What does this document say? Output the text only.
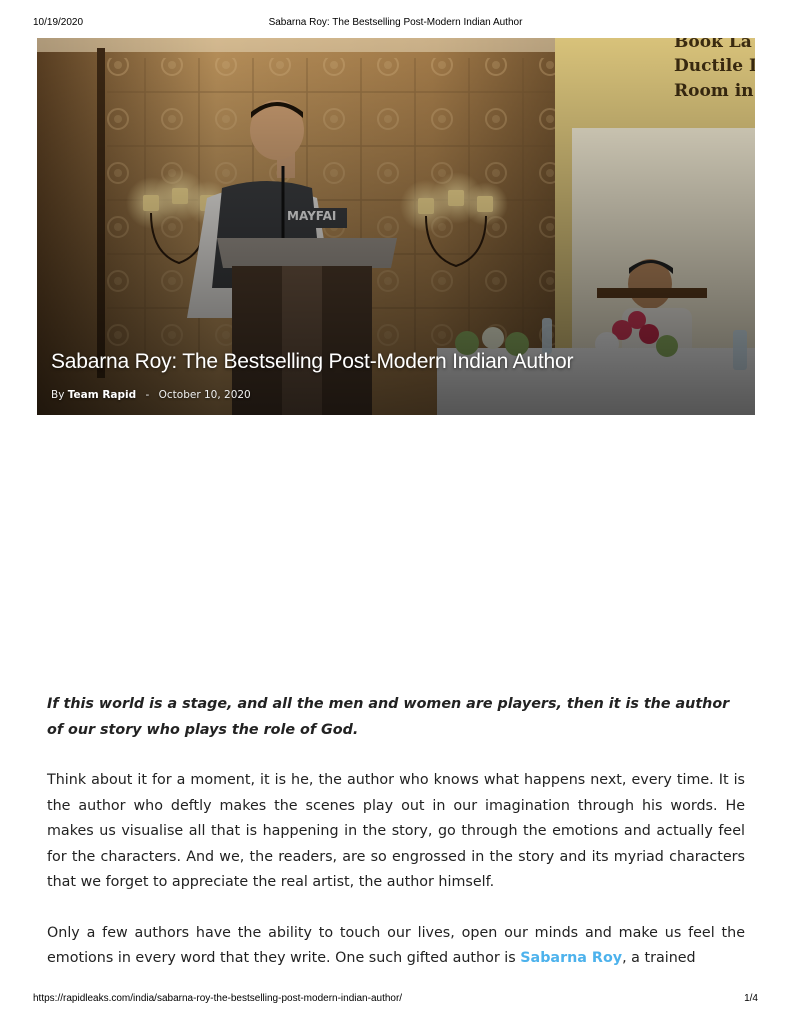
10/19/2020	Sabarna Roy: The Bestselling Post-Modern Indian Author
Sabarna Roy: The Bestselling Post-Modern Indian Author
By Team Rapid - October 10, 2020

If this world is a stage, and all the men and women are players, then it is the author of our story who plays the role of God.

Think about it for a moment, it is he, the author who knows what happens next, every time. It is the author who deftly makes the scenes play out in our imagination through his words. He makes us visualise all that is happening in the story, go through the emotions and actually feel for the characters. And we, the readers, are so engrossed in the story and its myriad characters that we forget to appreciate the real artist, the author himself.

Only a few authors have the ability to touch our lives, open our minds and make us feel the emotions in every word that they write. One such gifted author is Sabarna Roy, a trained

https://rapidleaks.com/india/sabarna-roy-the-bestselling-post-modern-indian-author/	1/4
